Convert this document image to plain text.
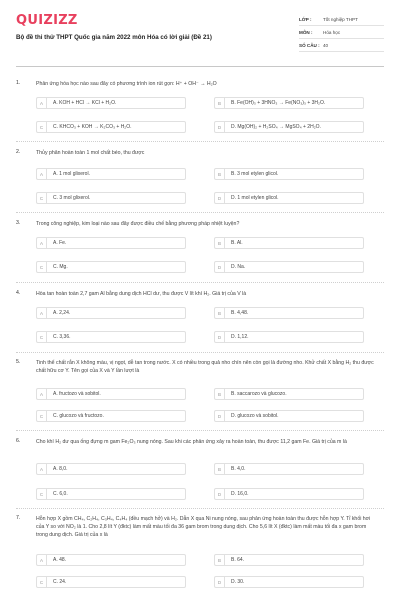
QUIZIZZ
Bộ đề thi thử THPT Quốc gia năm 2022 môn Hóa có lời giải (Đề 21)
LỚP :	Tốt nghiệp THPT
MÔN :	Hóa học
SỐ CÂU : 40
1.	Phản ứng hóa học nào sau đây có phương trình ion rút gọn: H⁺ + OH⁻ → H₂O
A	A. KOH + HCl → KCl + H₂O.	B	B. Fe(OH)₃ + 3HNO₃ → Fe(NO₃)₃ + 3H₂O.
C	C. KHCO₃ + KOH → K₂CO₃ + H₂O.	D	D. Mg(OH)₂ + H₂SO₄ → MgSO₄ + 2H₂O.
2.	Thủy phân hoàn toàn 1 mol chất béo, thu được
A	A. 1 mol glixerol.	B	B. 3 mol etylen glicol.
C	C. 3 mol glixerol.	D	D. 1 mol etylen glicol.
3.	Trong công nghiệp, kim loại nào sau đây được điều chế bằng phương pháp nhiệt luyện?
A	A. Fe.	B	B. Al.
C	C. Mg.	D	D. Na.
4.	Hòa tan hoàn toàn 2,7 gam Al bằng dung dịch HCl dư, thu được V lít khí H₂. Giá trị của V là
A	A. 2,24.	B	B. 4,48.
C	C. 3,36.	D	D. 1,12.
5.	Tinh thể chất rắn X không màu, vị ngọt, dễ tan trong nước. X có nhiều trong quả nho chín nên còn gọi là đường nho. Khử chất X bằng H₂ thu được chất hữu cơ Y. Tên gọi của X và Y lần lượt là
A	A. fructozo và sobitol.	B	B. saccarozo và glucozo.
C	C. glucozo và fructozo.	D	D. glucozo và sobitol.
6.	Cho khí H₂ dư qua ống đựng m gam Fe₂O₃ nung nóng. Sau khi các phản ứng xảy ra hoàn toàn, thu được 11,2 gam Fe. Giá trị của m là
A	A. 8,0.	B	B. 4,0.
C	C. 6,0.	D	D. 16,0.
7.	Hỗn hợp X gồm CH₄, C₂H₄, C₃H₄, C₄H₄ (đều mạch hở) và H₂. Dẫn X qua Ni nung nóng, sau phản ứng hoàn toàn thu được hỗn hợp Y. Tỉ khối hơi của Y so với NO₂ là 1. Cho 2,8 lít Y (đktc) làm mất màu tối đa 36 gam brom trong dung dịch. Cho 5,6 lít X (đktc) làm mất màu tối đa x gam brom trong dung dịch. Giá trị của x là
A	A. 48.	B	B. 64.
C	C. 24.	D	D. 30.
